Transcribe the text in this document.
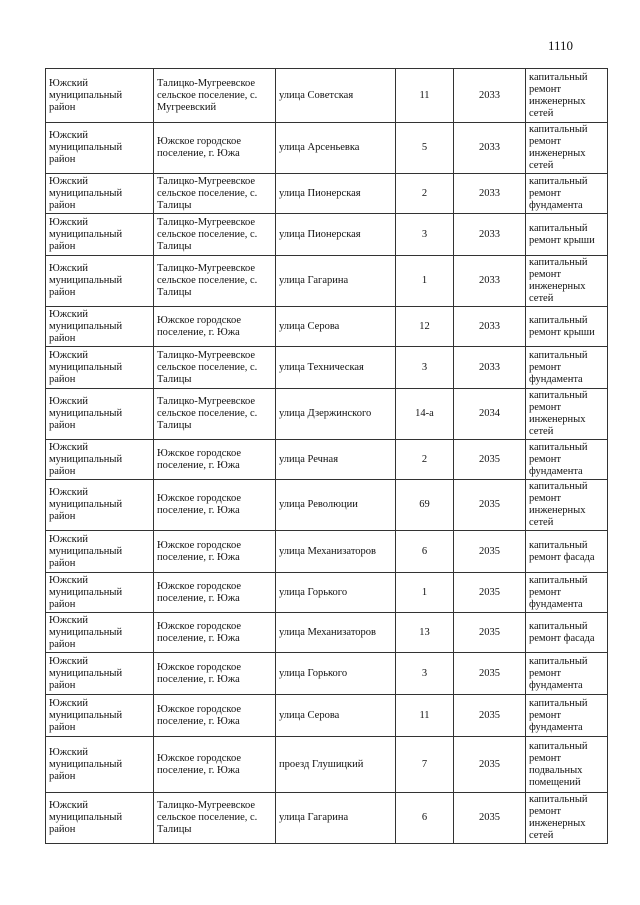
1110
Южский муниципальный район	Талицко-Мугреевское сельское поселение, с. Мугреевский	улица Советская	11	2033	капитальный ремонт инженерных сетей
Южский муниципальный район	Южское городское поселение, г. Южа	улица Арсеньевка	5	2033	капитальный ремонт инженерных сетей
Южский муниципальный район	Талицко-Мугреевское сельское поселение, с. Талицы	улица Пионерская	2	2033	капитальный ремонт фундамента
Южский муниципальный район	Талицко-Мугреевское сельское поселение, с. Талицы	улица Пионерская	3	2033	капитальный ремонт крыши
Южский муниципальный район	Талицко-Мугреевское сельское поселение, с. Талицы	улица Гагарина	1	2033	капитальный ремонт инженерных сетей
Южский муниципальный район	Южское городское поселение, г. Южа	улица Серова	12	2033	капитальный ремонт крыши
Южский муниципальный район	Талицко-Мугреевское сельское поселение, с. Талицы	улица Техническая	3	2033	капитальный ремонт фундамента
Южский муниципальный район	Талицко-Мугреевское сельское поселение, с. Талицы	улица Дзержинского	14-а	2034	капитальный ремонт инженерных сетей
Южский муниципальный район	Южское городское поселение, г. Южа	улица Речная	2	2035	капитальный ремонт фундамента
Южский муниципальный район	Южское городское поселение, г. Южа	улица Революции	69	2035	капитальный ремонт инженерных сетей
Южский муниципальный район	Южское городское поселение, г. Южа	улица Механизаторов	6	2035	капитальный ремонт фасада
Южский муниципальный район	Южское городское поселение, г. Южа	улица Горького	1	2035	капитальный ремонт фундамента
Южский муниципальный район	Южское городское поселение, г. Южа	улица Механизаторов	13	2035	капитальный ремонт фасада
Южский муниципальный район	Южское городское поселение, г. Южа	улица Горького	3	2035	капитальный ремонт фундамента
Южский муниципальный район	Южское городское поселение, г. Южа	улица Серова	11	2035	капитальный ремонт фундамента
Южский муниципальный район	Южское городское поселение, г. Южа	проезд Глушицкий	7	2035	капитальный ремонт подвальных помещений
Южский муниципальный район	Талицко-Мугреевское сельское поселение, с. Талицы	улица Гагарина	6	2035	капитальный ремонт инженерных сетей
